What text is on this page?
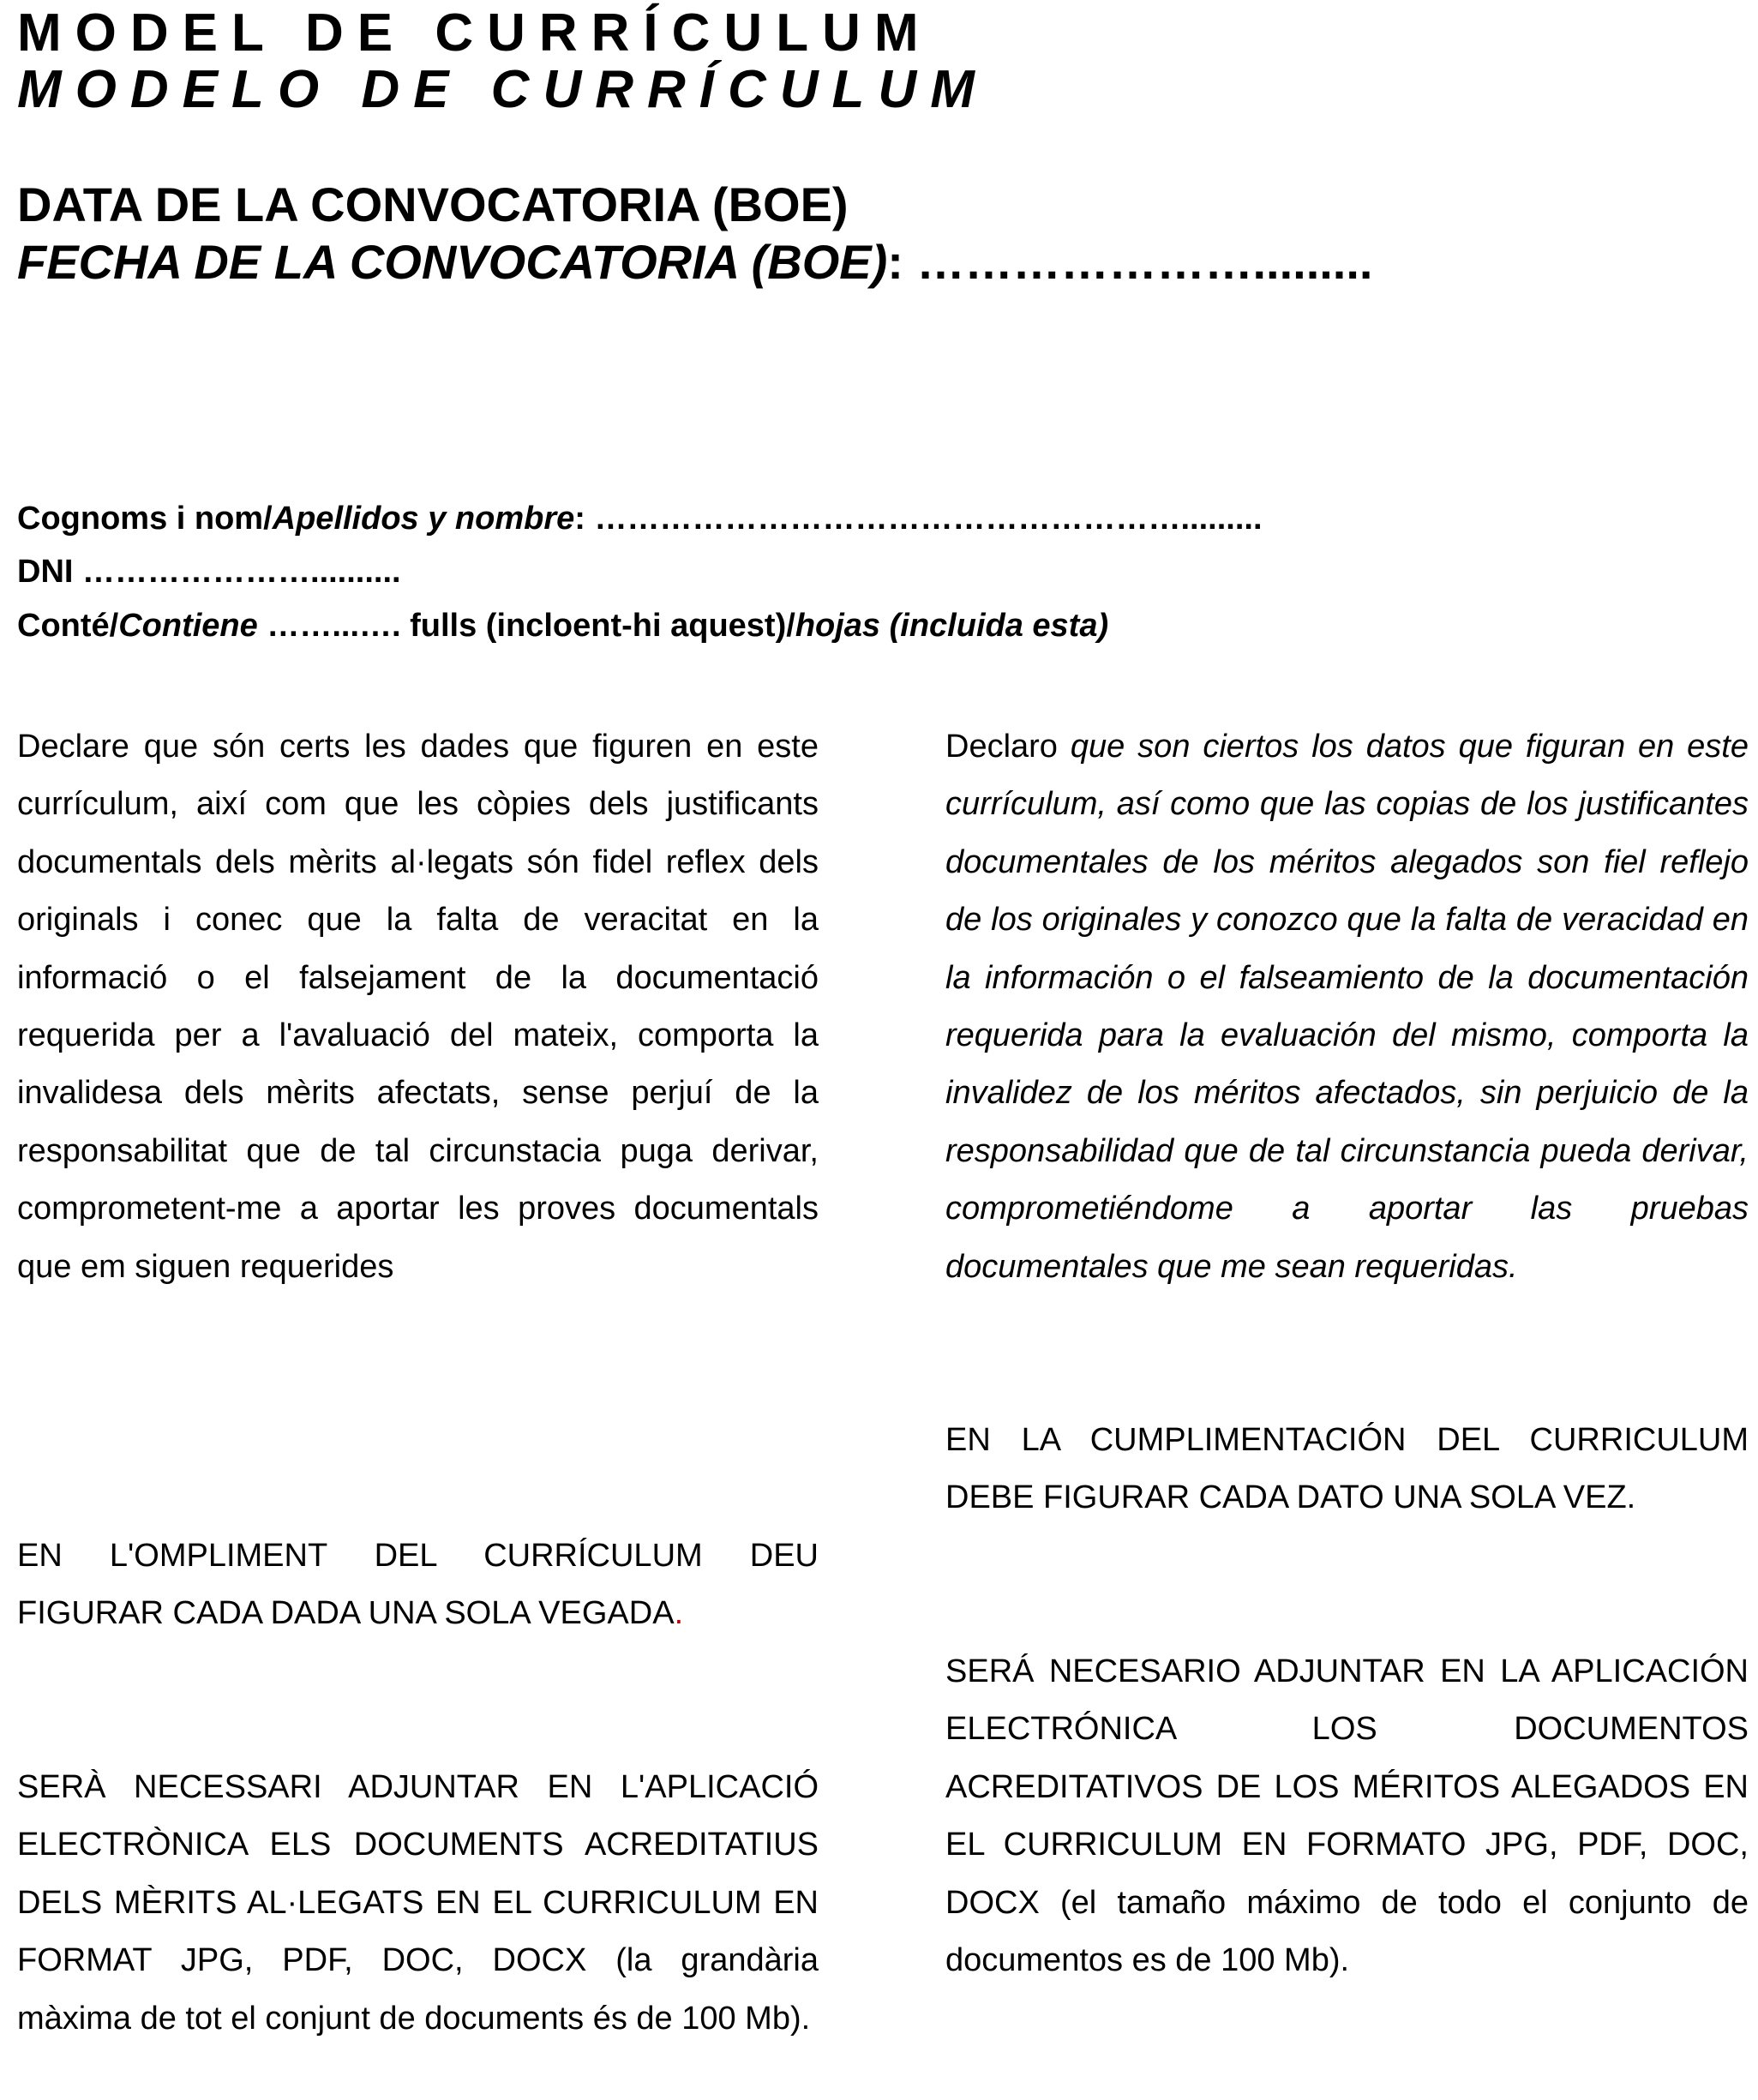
MODEL DE CURRÍCULUM
MODELO DE CURRÍCULUM
DATA DE LA CONVOCATORIA (BOE)
FECHA DE LA CONVOCATORIA (BOE): ………………….........
Cognoms i nom/Apellidos y nombre: ……………………………………………….........
DNI …………………..........
Conté/Contiene ……...…. fulls (incloent-hi aquest)/hojas (incluida esta)

Declare que són certs les dades que figuren en este currículum, així com que les còpies dels justificants documentals dels mèrits al·legats són fidel reflex dels originals i conec que la falta de veracitat en la informació o el falsejament de la documentació requerida per a l'avaluació del mateix, comporta la invalidesa dels mèrits afectats, sense perjuí de la responsabilitat que de tal circunstacia puga derivar, comprometent-me a aportar les proves documentals que em siguen requerides

Declaro que son ciertos los datos que figuran en este currículum, así como que las copias de los justificantes documentales de los méritos alegados son fiel reflejo de los originales y conozco que la falta de veracidad en la información o el falseamiento de la documentación requerida para la evaluación del mismo, comporta la invalidez de los méritos afectados, sin perjuicio de la responsabilidad que de tal circunstancia pueda derivar, comprometiéndome a aportar las pruebas documentales que me sean requeridas.

EN L'OMPLIMENT DEL CURRÍCULUM DEU FIGURAR CADA DADA UNA SOLA VEGADA.

EN LA CUMPLIMENTACIÓN DEL CURRICULUM DEBE FIGURAR CADA DATO UNA SOLA VEZ.

SERÀ NECESSARI ADJUNTAR EN L'APLICACIÓ ELECTRÒNICA ELS DOCUMENTS ACREDITATIUS DELS MÈRITS AL·LEGATS EN EL CURRICULUM EN FORMAT JPG, PDF, DOC, DOCX (la grandària màxima de tot el conjunt de documents és de 100 Mb).

SERÁ NECESARIO ADJUNTAR EN LA APLICACIÓN ELECTRÓNICA LOS DOCUMENTOS ACREDITATIVOS DE LOS MÉRITOS ALEGADOS EN EL CURRICULUM EN FORMATO JPG, PDF, DOC, DOCX (el tamaño máximo de todo el conjunto de documentos es de 100 Mb).
